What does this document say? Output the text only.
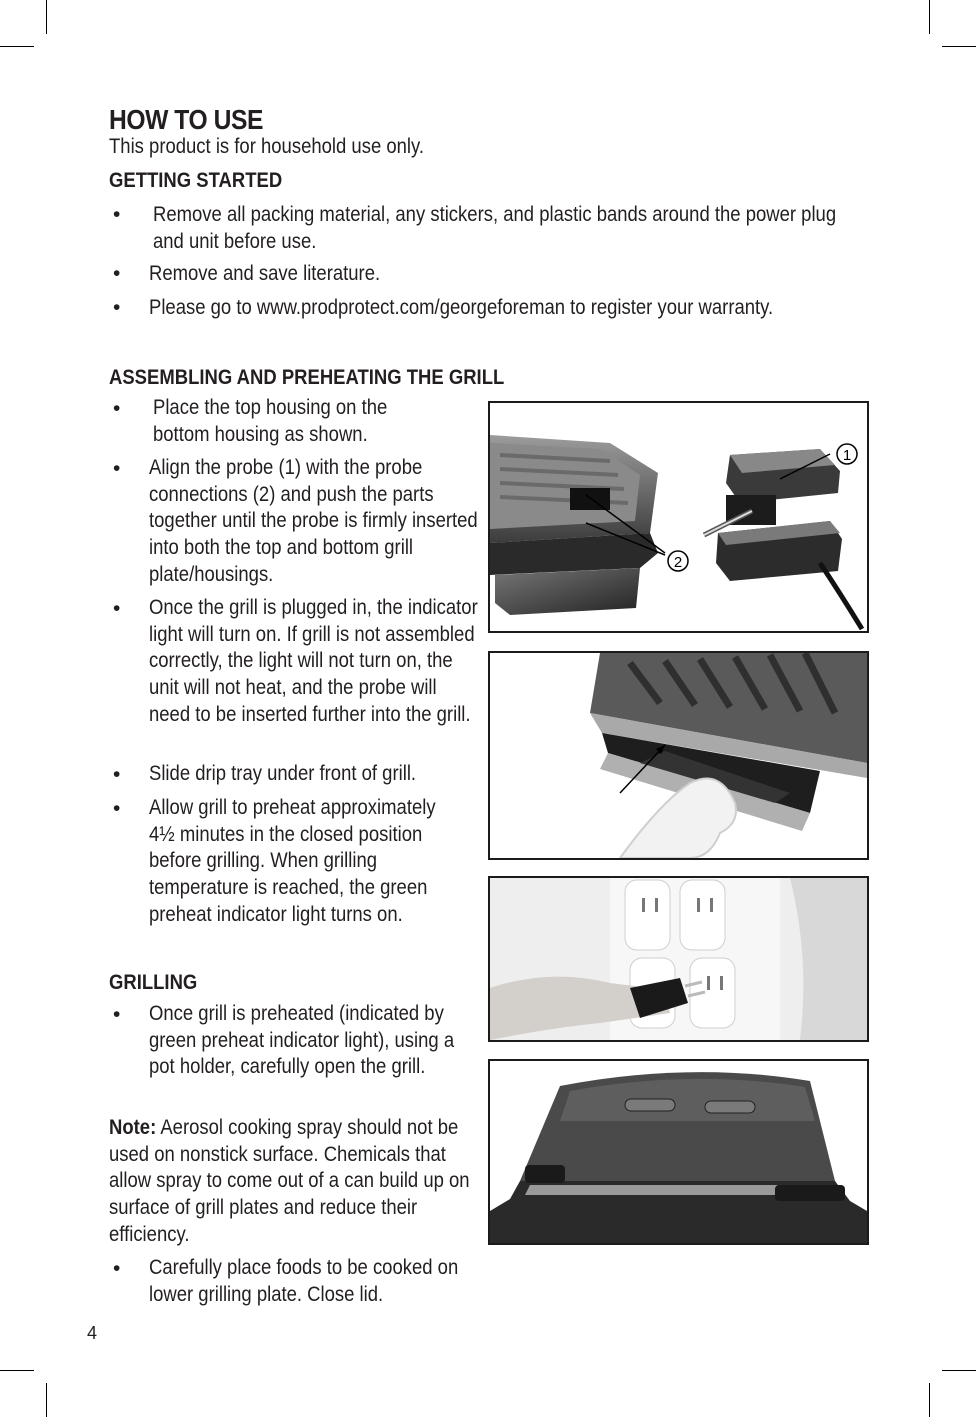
HOW TO USE
This product is for household use only.
GETTING STARTED
• Remove all packing material, any stickers, and plastic bands around the power plug and unit before use.
• Remove and save literature.
• Please go to www.prodprotect.com/georgeforeman to register your warranty.
ASSEMBLING AND PREHEATING THE GRILL
• Place the top housing on the bottom housing as shown.
• Align the probe (1) with the probe connections (2) and push the parts together until the probe is firmly inserted into both the top and bottom grill plate/housings.
• Once the grill is plugged in, the indicator light will turn on. If grill is not assembled correctly, the light will not turn on, the unit will not heat, and the probe will need to be inserted further into the grill.
• Slide drip tray under front of grill.
• Allow grill to preheat approximately 4½ minutes in the closed position before grilling. When grilling temperature is reached, the green preheat indicator light turns on.
GRILLING
• Once grill is preheated (indicated by green preheat indicator light), using a pot holder, carefully open the grill.
Note: Aerosol cooking spray should not be used on nonstick surface. Chemicals that allow spray to come out of a can build up on surface of grill plates and reduce their efficiency.
• Carefully place foods to be cooked on lower grilling plate. Close lid.
4
1
2
